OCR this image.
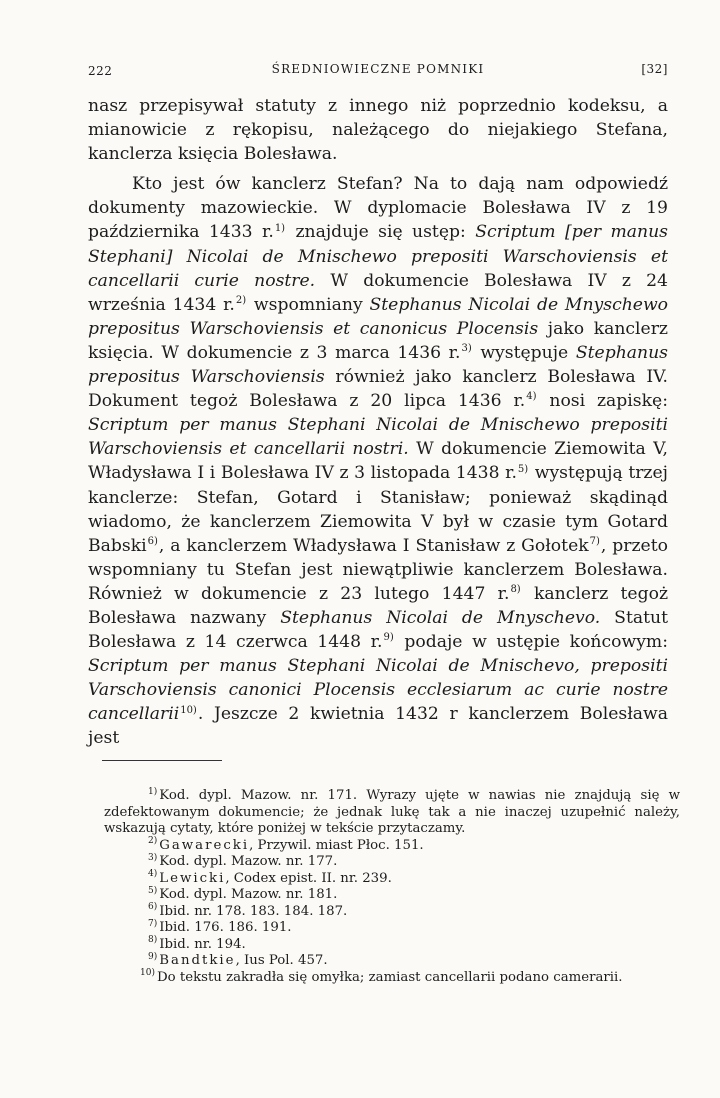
222	ŚREDNIOWIECZNE POMNIKI	[32]

nasz przepisywał statuty z innego niż poprzednio kodeksu, a mianowicie z rękopisu, należącego do niejakiego Stefana, kanclerza księcia Bolesława.

Kto jest ów kanclerz Stefan? Na to dają nam odpowiedź dokumenty mazowieckie. W dyplomacie Bolesława IV z 19 października 1433 r.$^{1)}$ znajduje się ustęp: Scriptum [per manus Stephani] Nicolai de Mnischewo prepositi Warschoviensis et cancellarii curie nostre. W dokumencie Bolesława IV z 24 września 1434 r.$^{2)}$ wspomniany Stephanus Nicolai de Mnyschewo prepositus Warschoviensis et canonicus Plocensis jako kanclerz księcia. W dokumencie z 3 marca 1436 r.$^{3)}$ występuje Stephanus prepositus Warschoviensis również jako kanclerz Bolesława IV. Dokument tegoż Bolesława z 20 lipca 1436 r.$^{4)}$ nosi zapiskę: Scriptum per manus Stephani Nicolai de Mnischewo prepositi Warschoviensis et cancellarii nostri. W dokumencie Ziemowita V, Władysława I i Bolesława IV z 3 listopada 1438 r.$^{5)}$ występują trzej kanclerze: Stefan, Gotard i Stanisław; ponieważ skądinąd wiadomo, że kanclerzem Ziemowita V był w czasie tym Gotard Babski$^{6)}$, a kanclerzem Władysława I Stanisław z Gołotek$^{7)}$, przeto wspomniany tu Stefan jest niewątpliwie kanclerzem Bolesława. Również w dokumencie z 23 lutego 1447 r.$^{8)}$ kanclerz tegoż Bolesława nazwany Stephanus Nicolai de Mnyschevo. Statut Bolesława z 14 czerwca 1448 r.$^{9)}$ podaje w ustępie końcowym: Scriptum per manus Stephani Nicolai de Mnischevo, prepositi Varschoviensis canonici Plocensis ecclesiarum ac curie nostre cancellarii$^{10)}$. Jeszcze 2 kwietnia 1432 r kanclerzem Bolesława jest

$^{1)}$ Kod. dypl. Mazow. nr. 171. Wyrazy ujęte w nawias nie znajdują się w zdefektowanym dokumencie; że jednak lukę tak a nie inaczej uzupełnić należy, wskazują cytaty, które poniżej w tekście przytaczamy.

$^{2)}$ Gawarecki, Przywil. miast Płoc. 151.

$^{3)}$ Kod. dypl. Mazow. nr. 177.

$^{4)}$ Lewicki, Codex epist. II. nr. 239.

$^{5)}$ Kod. dypl. Mazow. nr. 181.

$^{6)}$ Ibid. nr. 178. 183. 184. 187.

$^{7)}$ Ibid. 176. 186. 191.

$^{8)}$ Ibid. nr. 194.

$^{9)}$ Bandtkie, Ius Pol. 457.

$^{10)}$ Do tekstu zakradła się omyłka; zamiast cancellarii podano camerarii.
